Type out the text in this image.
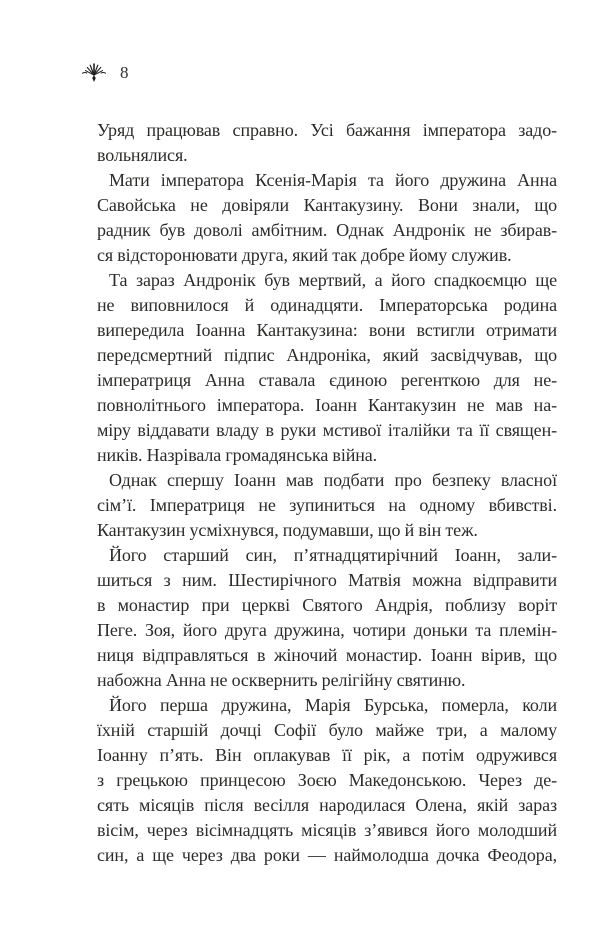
8
Уряд працював справно. Усі бажання імператора задо-
вольнялися.
Мати імператора Ксенія-Марія та його дружина Анна
Савойська не довіряли Кантакузину. Вони знали, що
радник був доволі амбітним. Однак Андронік не збирав-
ся відсторонювати друга, який так добре йому служив.
Та зараз Андронік був мертвий, а його спадкоємцю ще
не виповнилося й одинадцяти. Імператорська родина
випередила Іоанна Кантакузина: вони встигли отримати
передсмертний підпис Андроніка, який засвідчував, що
імператриця Анна ставала єдиною регенткою для не-
повнолітнього імператора. Іоанн Кантакузин не мав на-
міру віддавати владу в руки мстивої італійки та її священ-
ників. Назрівала громадянська війна.
Однак спершу Іоанн мав подбати про безпеку власної
сім’ї. Імператриця не зупиниться на одному вбивстві.
Кантакузин усміхнувся, подумавши, що й він теж.
Його старший син, п’ятнадцятирічний Іоанн, зали-
шиться з ним. Шестирічного Матвія можна відправити
в монастир при церкві Святого Андрія, поблизу воріт
Пеге. Зоя, його друга дружина, чотири доньки та племін-
ниця відправляться в жіночий монастир. Іоанн вірив, що
набожна Анна не осквернить релігійну святиню.
Його перша дружина, Марія Бурська, померла, коли
їхній старшій дочці Софії було майже три, а малому
Іоанну п’ять. Він оплакував її рік, а потім одружився
з грецькою принцесою Зоєю Македонською. Через де-
сять місяців після весілля народилася Олена, якій зараз
вісім, через вісімнадцять місяців з’явився його молодший
син, а ще через два роки — наймолодша дочка Феодора,
